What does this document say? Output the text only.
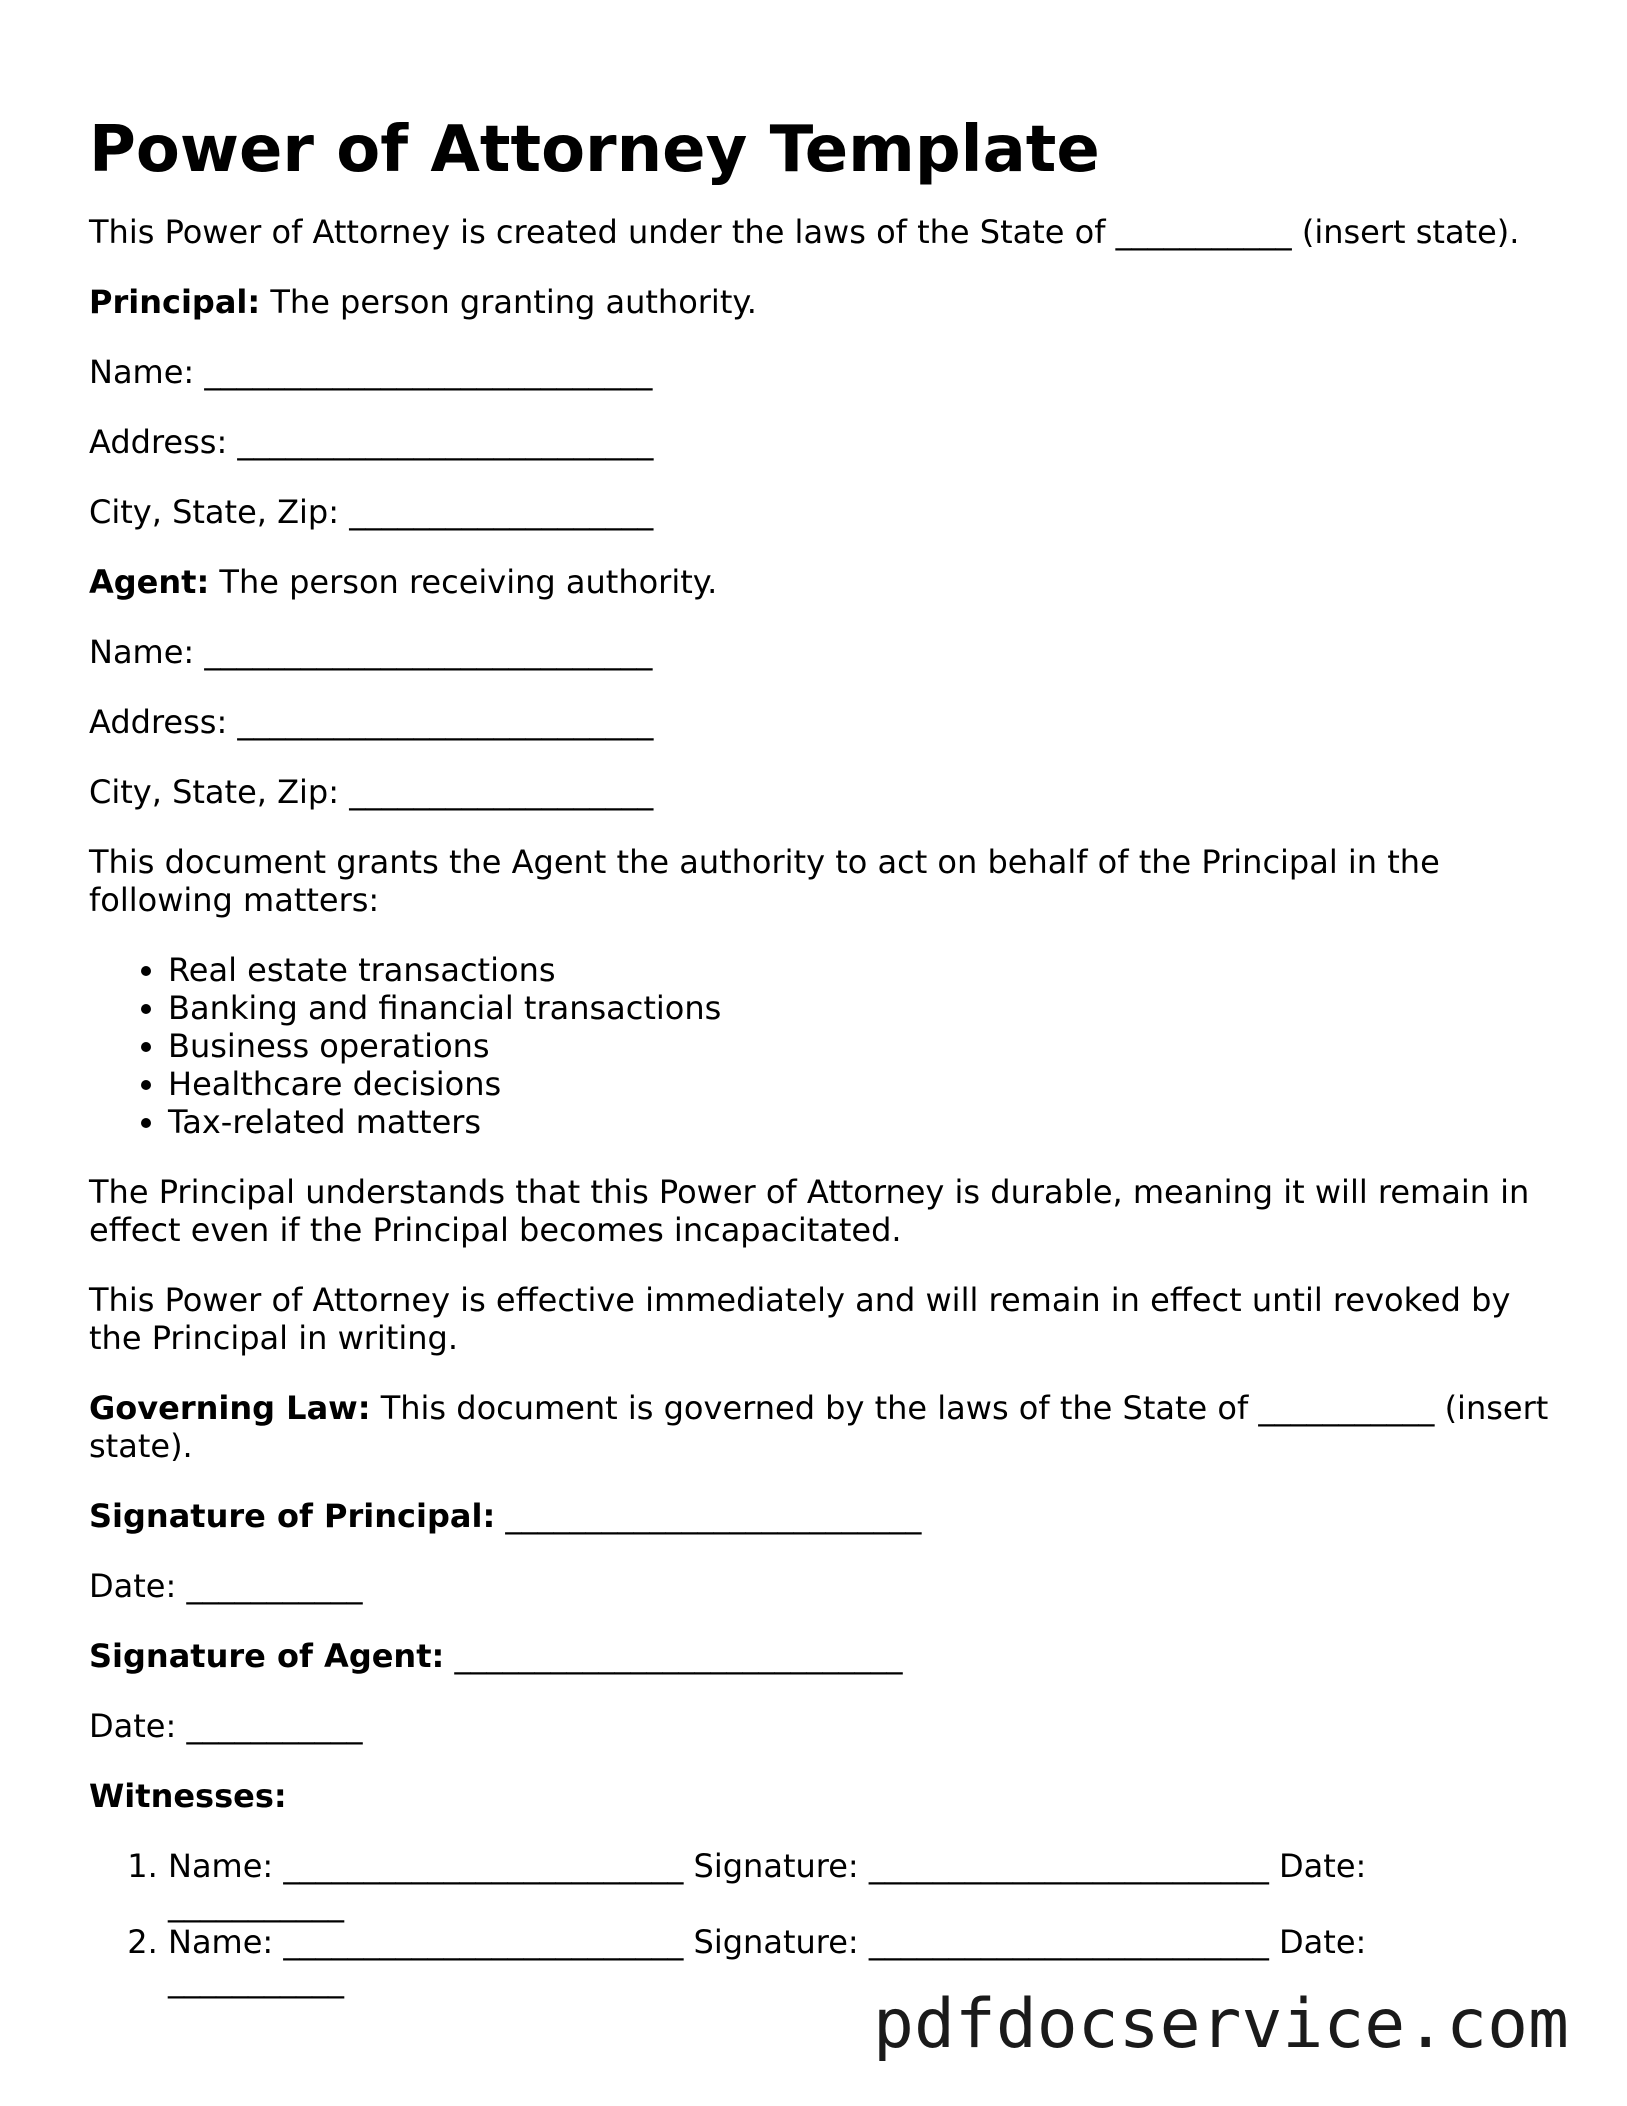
Power of Attorney Template

This Power of Attorney is created under the laws of the State of ___________ (insert state).

Principal: The person granting authority.

Name: ____________________________

Address: __________________________

City, State, Zip: ___________________

Agent: The person receiving authority.

Name: ____________________________

Address: __________________________

City, State, Zip: ___________________

This document grants the Agent the authority to act on behalf of the Principal in the following matters:

• Real estate transactions
• Banking and financial transactions
• Business operations
• Healthcare decisions
• Tax-related matters

The Principal understands that this Power of Attorney is durable, meaning it will remain in effect even if the Principal becomes incapacitated.

This Power of Attorney is effective immediately and will remain in effect until revoked by the Principal in writing.

Governing Law: This document is governed by the laws of the State of ___________ (insert state).

Signature of Principal: __________________________

Date: ___________

Signature of Agent: ____________________________

Date: ___________

Witnesses:

1. Name: _________________________ Signature: _________________________ Date: ___________
2. Name: _________________________ Signature: _________________________ Date: ___________
pdfdocservice.com
